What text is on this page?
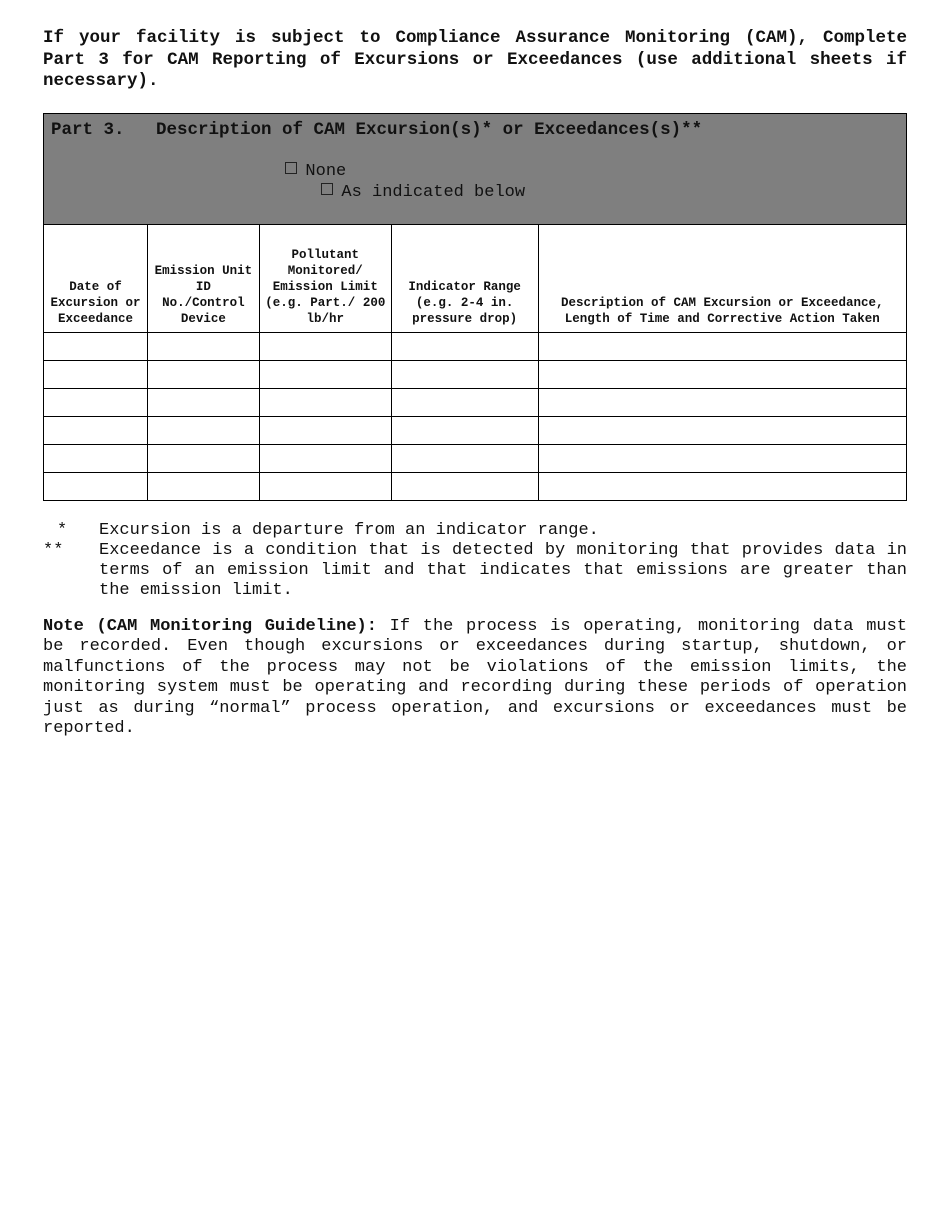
If your facility is subject to Compliance Assurance Monitoring (CAM), Complete Part 3 for CAM Reporting of Excursions or Exceedances (use additional sheets if necessary).

Part 3.   Description of CAM Excursion(s)* or Exceedances(s)**

None
As indicated below				

Date of Excursion or Exceedance	Emission Unit ID No./Control Device	Pollutant Monitored/ Emission Limit (e.g. Part./ 200 lb/hr	Indicator Range (e.g. 2-4 in. pressure drop)	Description of CAM Excursion or Exceedance, Length of Time and Corrective Action Taken

*	Excursion is a departure from an indicator range.
**	Exceedance is a condition that is detected by monitoring that provides data in terms of an emission limit and that indicates that emissions are greater than the emission limit.

Note (CAM Monitoring Guideline): If the process is operating, monitoring data must be recorded. Even though excursions or exceedances during startup, shutdown, or malfunctions of the process may not be violations of the emission limits, the monitoring system must be operating and recording during these periods of operation just as during “normal” process operation, and excursions or exceedances must be reported.
